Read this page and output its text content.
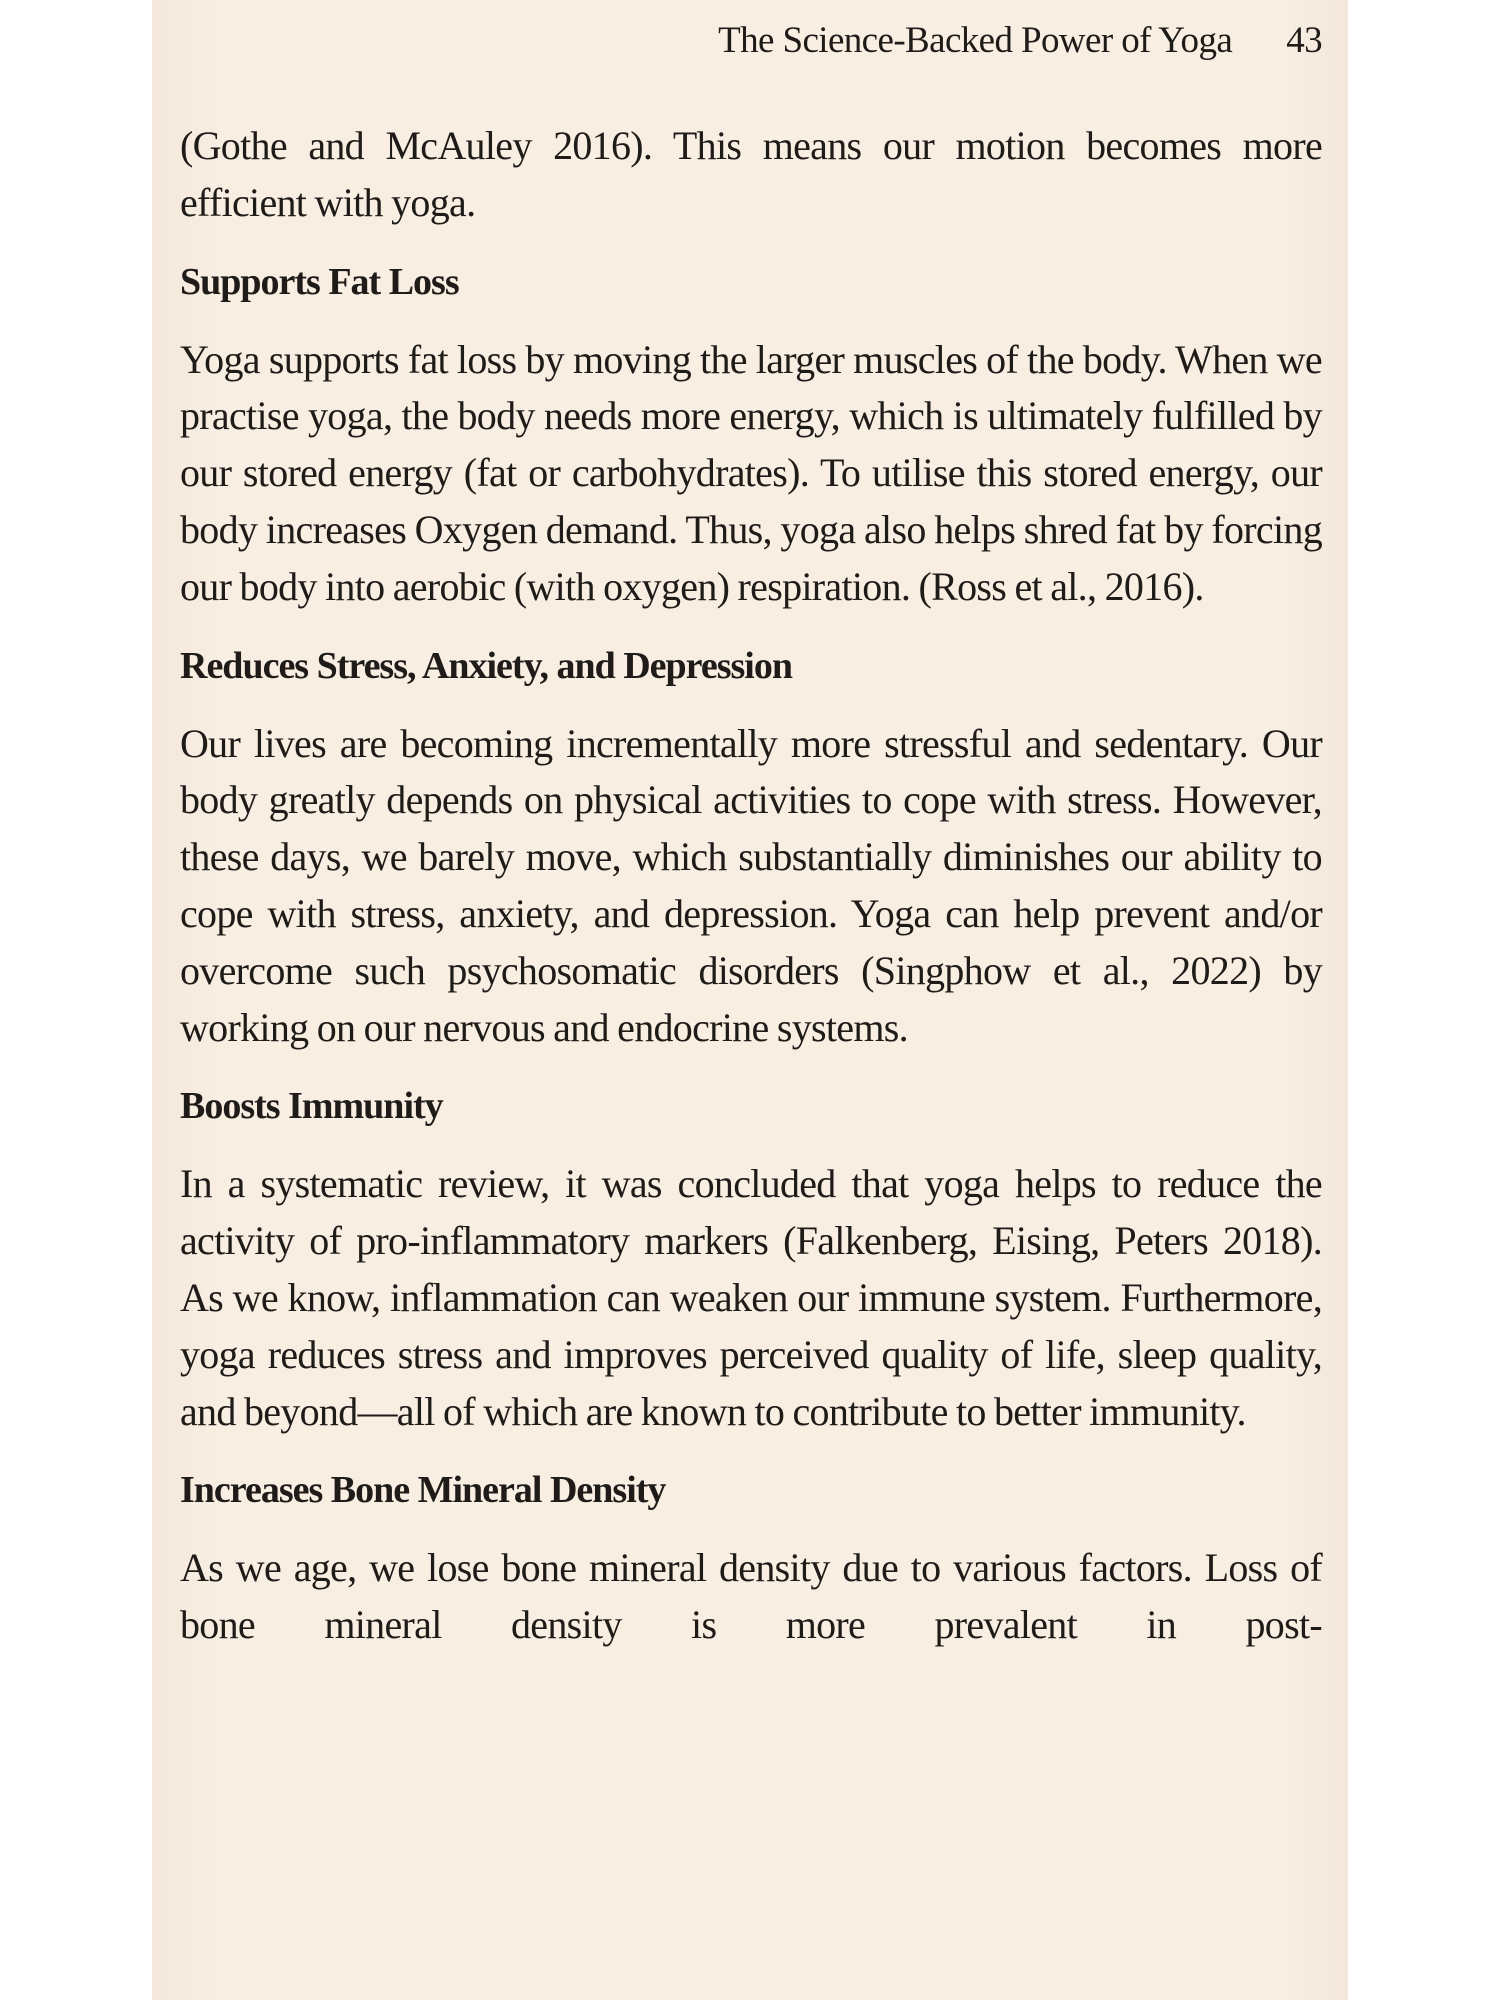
The Science-Backed Power of Yoga 43

(Gothe and McAuley 2016). This means our motion becomes more efficient with yoga.

Supports Fat Loss

Yoga supports fat loss by moving the larger muscles of the body. When we practise yoga, the body needs more energy, which is ultimately fulfilled by our stored energy (fat or carbohydrates). To utilise this stored energy, our body increases Oxygen demand. Thus, yoga also helps shred fat by forcing our body into aerobic (with oxygen) respiration. (Ross et al., 2016).

Reduces Stress, Anxiety, and Depression

Our lives are becoming incrementally more stressful and sedentary. Our body greatly depends on physical activities to cope with stress. However, these days, we barely move, which substantially diminishes our ability to cope with stress, anxiety, and depression. Yoga can help prevent and/or overcome such psychosomatic disorders (Singphow et al., 2022) by working on our nervous and endocrine systems.

Boosts Immunity

In a systematic review, it was concluded that yoga helps to reduce the activity of pro-inflammatory markers (Falkenberg, Eising, Peters 2018). As we know, inflammation can weaken our immune system. Furthermore, yoga reduces stress and improves perceived quality of life, sleep quality, and beyond—all of which are known to contribute to better immunity.

Increases Bone Mineral Density

As we age, we lose bone mineral density due to various factors. Loss of bone mineral density is more prevalent in post-
